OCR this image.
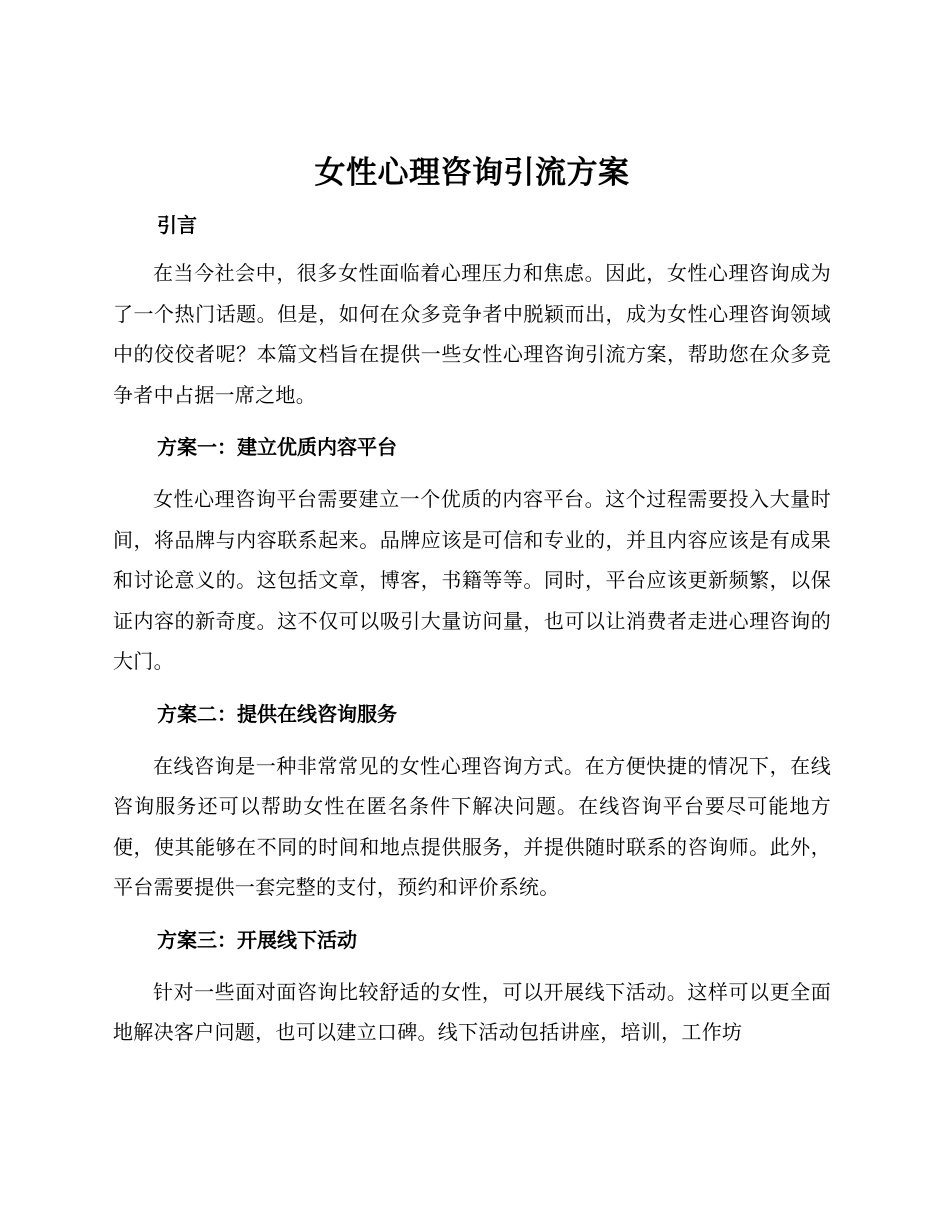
女性心理咨询引流方案
引言

在当今社会中，很多女性面临着心理压力和焦虑。因此，女性心理咨询成为了一个热门话题。但是，如何在众多竞争者中脱颖而出，成为女性心理咨询领域中的佼佼者呢？本篇文档旨在提供一些女性心理咨询引流方案，帮助您在众多竞争者中占据一席之地。

方案一：建立优质内容平台

女性心理咨询平台需要建立一个优质的内容平台。这个过程需要投入大量时间，将品牌与内容联系起来。品牌应该是可信和专业的，并且内容应该是有成果和讨论意义的。这包括文章，博客，书籍等等。同时，平台应该更新频繁，以保证内容的新奇度。这不仅可以吸引大量访问量，也可以让消费者走进心理咨询的大门。

方案二：提供在线咨询服务

在线咨询是一种非常常见的女性心理咨询方式。在方便快捷的情况下，在线咨询服务还可以帮助女性在匿名条件下解决问题。在线咨询平台要尽可能地方便，使其能够在不同的时间和地点提供服务，并提供随时联系的咨询师。此外，平台需要提供一套完整的支付，预约和评价系统。

方案三：开展线下活动

针对一些面对面咨询比较舒适的女性，可以开展线下活动。这样可以更全面地解决客户问题，也可以建立口碑。线下活动包括讲座，培训，工作坊
